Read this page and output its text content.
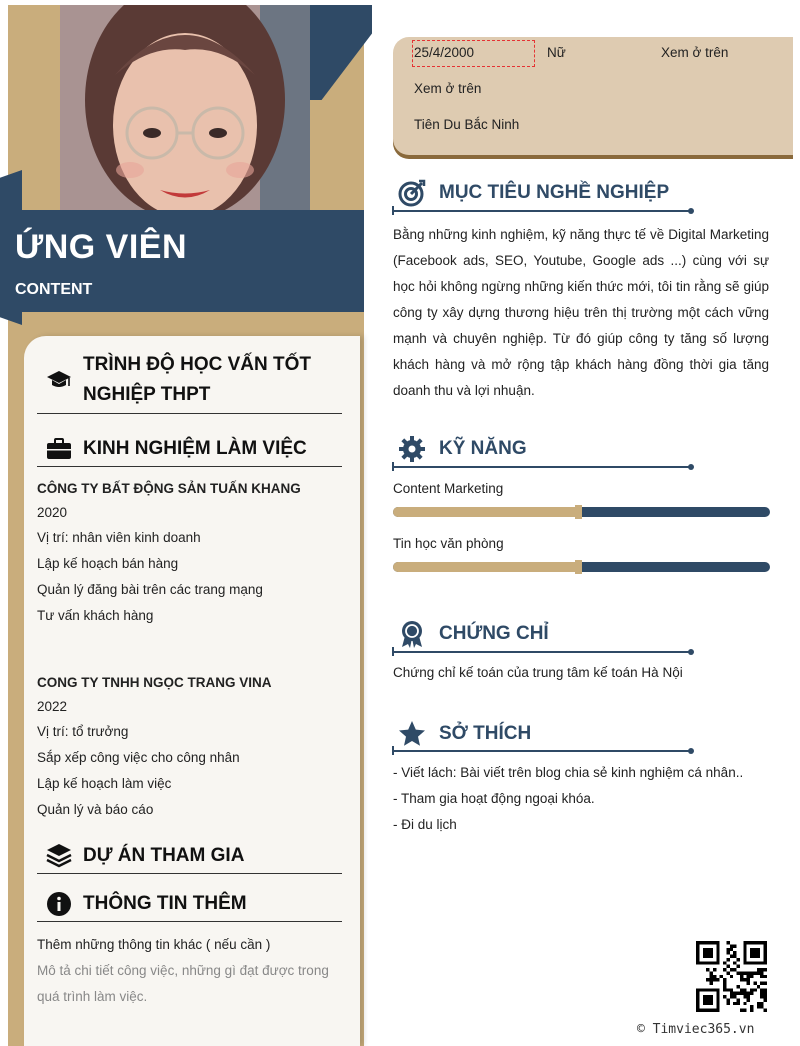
ỨNG VIÊN
CONTENT
TRÌNH ĐỘ HỌC VẤN TỐT
NGHIỆP THPT
KINH NGHIỆM LÀM VIỆC
CÔNG TY BẤT ĐỘNG SẢN TUẤN KHANG
2020
Vị trí: nhân viên kinh doanh
Lập kế hoạch bán hàng
Quản lý đăng bài trên các trang mạng
Tư vấn khách hàng
CONG TY TNHH NGỌC TRANG VINA
2022
Vị trí: tổ trưởng
Sắp xếp công việc cho công nhân
Lập kế hoạch làm việc
Quản lý và báo cáo
DỰ ÁN THAM GIA
THÔNG TIN THÊM
Thêm những thông tin khác ( nếu cần )
Mô tả chi tiết công việc, những gì đạt được trong
quá trình làm việc.
25/4/2000	Nữ	Xem ở trên
Xem ở trên
Tiên Du Bắc Ninh
MỤC TIÊU NGHỀ NGHIỆP
Bằng những kinh nghiệm, kỹ năng thực tế về Digital Marketing (Facebook ads, SEO, Youtube, Google ads ...) cùng với sự học hỏi không ngừng những kiến thức mới, tôi tin rằng sẽ giúp công ty xây dựng thương hiệu trên thị trường một cách vững mạnh và chuyên nghiệp. Từ đó giúp công ty tăng số lượng khách hàng và mở rộng tập khách hàng đồng thời gia tăng doanh thu và lợi nhuận.
KỸ NĂNG
Content Marketing
Tin học văn phòng
CHỨNG CHỈ
Chứng chỉ kế toán của trung tâm kế toán Hà Nội
SỞ THÍCH
- Viết lách: Bài viết trên blog chia sẻ kinh nghiệm cá nhân..
- Tham gia hoạt động ngoại khóa.
- Đi du lịch
© Timviec365.vn
